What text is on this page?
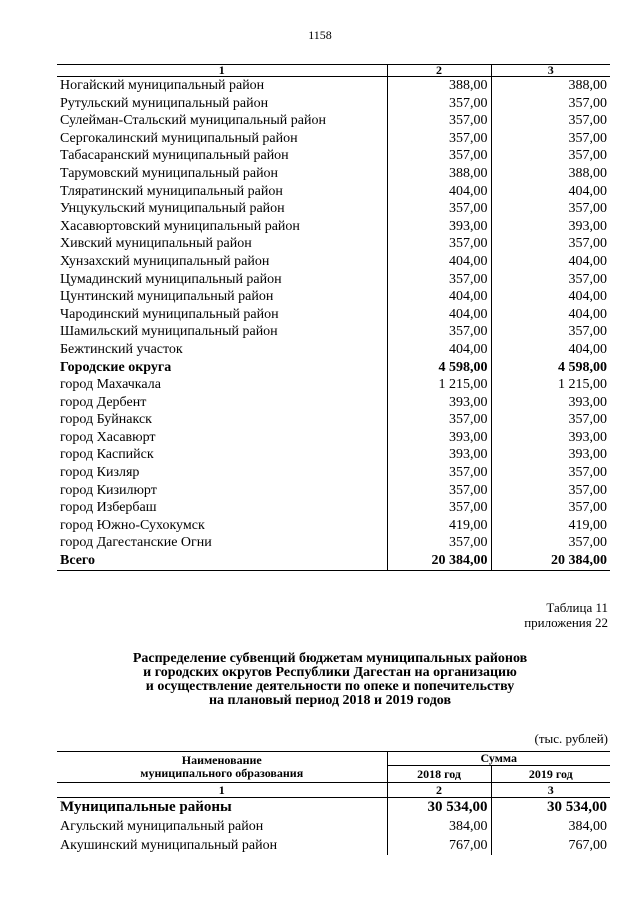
1158
1	2	3
Ногайский муниципальный район	388,00	388,00
Рутульский муниципальный район	357,00	357,00
Сулейман-Стальский муниципальный район	357,00	357,00
Сергокалинский муниципальный район	357,00	357,00
Табасаранский муниципальный район	357,00	357,00
Тарумовский муниципальный район	388,00	388,00
Тляратинский муниципальный район	404,00	404,00
Унцукульский муниципальный район	357,00	357,00
Хасавюртовский муниципальный район	393,00	393,00
Хивский муниципальный район	357,00	357,00
Хунзахский муниципальный район	404,00	404,00
Цумадинский муниципальный район	357,00	357,00
Цунтинский муниципальный район	404,00	404,00
Чародинский муниципальный район	404,00	404,00
Шамильский муниципальный район	357,00	357,00
Бежтинский участок	404,00	404,00
Городские округа	4 598,00	4 598,00
город Махачкала	1 215,00	1 215,00
город Дербент	393,00	393,00
город Буйнакск	357,00	357,00
город Хасавюрт	393,00	393,00
город Каспийск	393,00	393,00
город Кизляр	357,00	357,00
город Кизилюрт	357,00	357,00
город Избербаш	357,00	357,00
город Южно-Сухокумск	419,00	419,00
город Дагестанские Огни	357,00	357,00
Всего	20 384,00	20 384,00
Таблица 11
приложения 22
Распределение субвенций бюджетам муниципальных районов
и городских округов Республики Дагестан на организацию
и осуществление деятельности по опеке и попечительству
на плановый период 2018 и 2019 годов
(тыс. рублей)
Наименование
муниципального образования	Сумма	
	2018 год	2019 год
1	2	3
Муниципальные районы	30 534,00	30 534,00
Агульский муниципальный район	384,00	384,00
Акушинский муниципальный район	767,00	767,00
